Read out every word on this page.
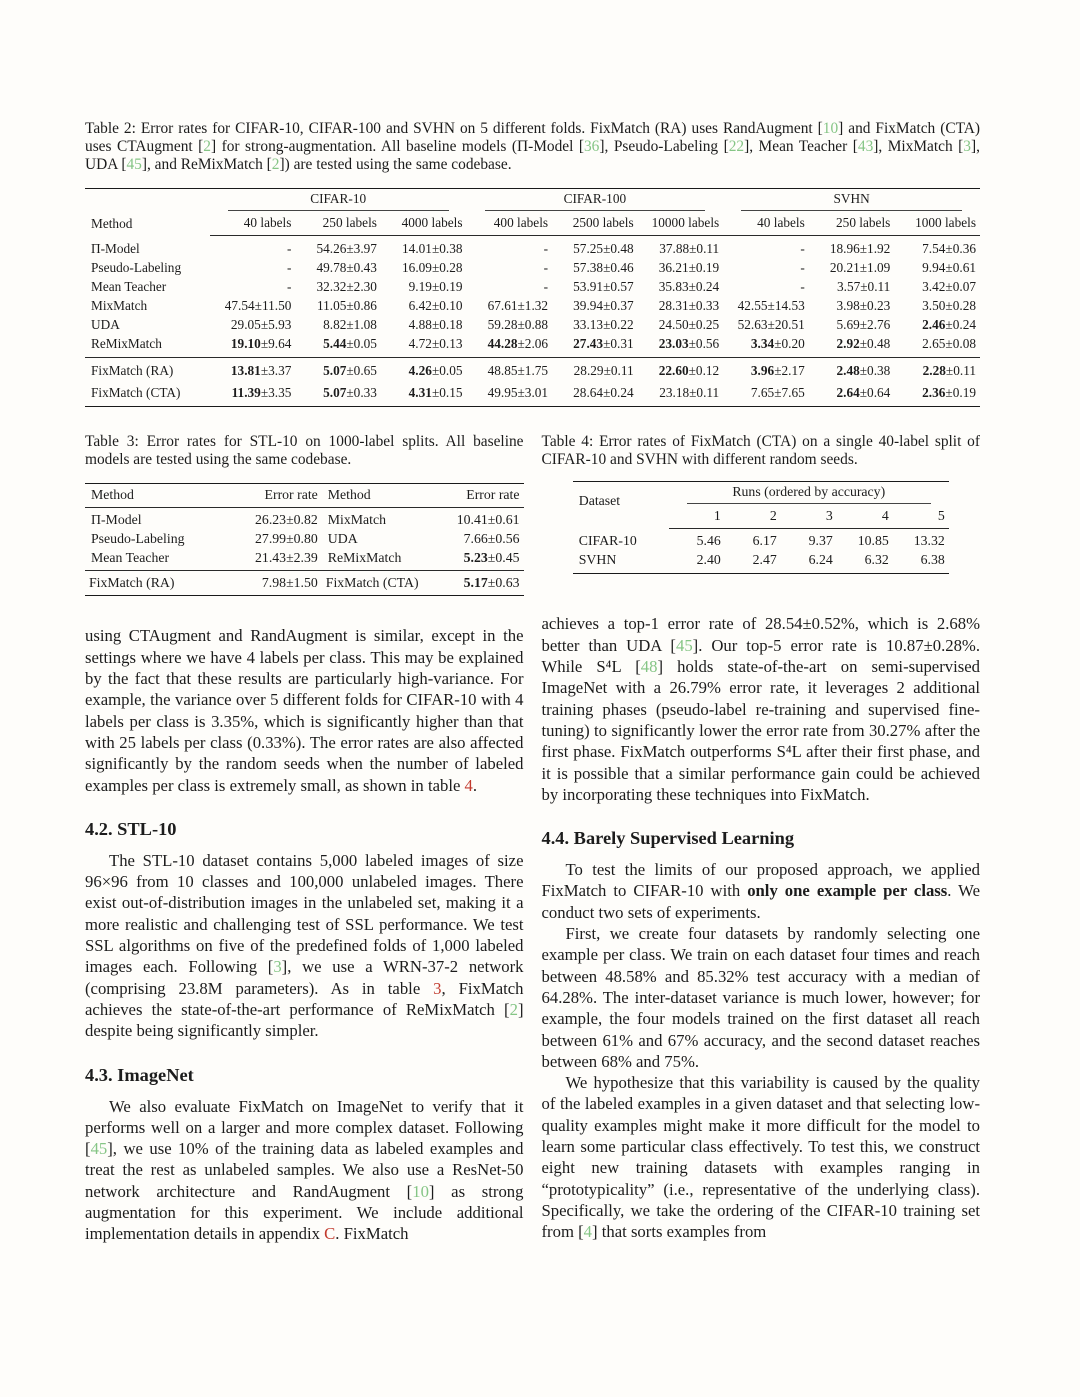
Table 2: Error rates for CIFAR-10, CIFAR-100 and SVHN on 5 different folds. FixMatch (RA) uses RandAugment [10] and FixMatch (CTA) uses CTAugment [2] for strong-augmentation. All baseline models (Π-Model [36], Pseudo-Labeling [22], Mean Teacher [43], MixMatch [3], UDA [45], and ReMixMatch [2]) are tested using the same codebase.
Method	CIFAR-10			CIFAR-100			SVHN		

	40 labels	250 labels	4000 labels	400 labels	2500 labels	10000 labels	40 labels	250 labels	1000 labels
Π-Model	-	54.26±3.97	14.01±0.38	-	57.25±0.48	37.88±0.11	-	18.96±1.92	7.54±0.36
Pseudo-Labeling	-	49.78±0.43	16.09±0.28	-	57.38±0.46	36.21±0.19	-	20.21±1.09	9.94±0.61
Mean Teacher	-	32.32±2.30	9.19±0.19	-	53.91±0.57	35.83±0.24	-	3.57±0.11	3.42±0.07
MixMatch	47.54±11.50	11.05±0.86	6.42±0.10	67.61±1.32	39.94±0.37	28.31±0.33	42.55±14.53	3.98±0.23	3.50±0.28
UDA	29.05±5.93	8.82±1.08	4.88±0.18	59.28±0.88	33.13±0.22	24.50±0.25	52.63±20.51	5.69±2.76	2.46±0.24
ReMixMatch	19.10±9.64	5.44±0.05	4.72±0.13	44.28±2.06	27.43±0.31	23.03±0.56	3.34±0.20	2.92±0.48	2.65±0.08
FixMatch (RA)	13.81±3.37	5.07±0.65	4.26±0.05	48.85±1.75	28.29±0.11	22.60±0.12	3.96±2.17	2.48±0.38	2.28±0.11
FixMatch (CTA)	11.39±3.35	5.07±0.33	4.31±0.15	49.95±3.01	28.64±0.24	23.18±0.11	7.65±7.65	2.64±0.64	2.36±0.19
Table 3: Error rates for STL-10 on 1000-label splits. All baseline models are tested using the same codebase.
Method	Error rate	Method	Error rate
Π-Model	26.23±0.82	MixMatch	10.41±0.61
Pseudo-Labeling	27.99±0.80	UDA	7.66±0.56
Mean Teacher	21.43±2.39	ReMixMatch	5.23±0.45
FixMatch (RA)	7.98±1.50	FixMatch (CTA)	5.17±0.63

using CTAugment and RandAugment is similar, except in the settings where we have 4 labels per class. This may be explained by the fact that these results are particularly high-variance. For example, the variance over 5 different folds for CIFAR-10 with 4 labels per class is 3.35%, which is significantly higher than that with 25 labels per class (0.33%). The error rates are also affected significantly by the random seeds when the number of labeled examples per class is extremely small, as shown in table 4.

4.2. STL-10

The STL-10 dataset contains 5,000 labeled images of size 96×96 from 10 classes and 100,000 unlabeled images. There exist out-of-distribution images in the unlabeled set, making it a more realistic and challenging test of SSL performance. We test SSL algorithms on five of the predefined folds of 1,000 labeled images each. Following [3], we use a WRN-37-2 network (comprising 23.8M parameters). As in table 3, FixMatch achieves the state-of-the-art performance of ReMixMatch [2] despite being significantly simpler.

4.3. ImageNet

We also evaluate FixMatch on ImageNet to verify that it performs well on a larger and more complex dataset. Following [45], we use 10% of the training data as labeled examples and treat the rest as unlabeled samples. We also use a ResNet-50 network architecture and RandAugment [10] as strong augmentation for this experiment. We include additional implementation details in appendix C. FixMatch

Table 4: Error rates of FixMatch (CTA) on a single 40-label split of CIFAR-10 and SVHN with different random seeds.
Dataset	Runs (ordered by accuracy)				

	1	2	3	4	5
CIFAR-10	5.46	6.17	9.37	10.85	13.32
SVHN	2.40	2.47	6.24	6.32	6.38

achieves a top-1 error rate of 28.54±0.52%, which is 2.68% better than UDA [45]. Our top-5 error rate is 10.87±0.28%. While S⁴L [48] holds state-of-the-art on semi-supervised ImageNet with a 26.79% error rate, it leverages 2 additional training phases (pseudo-label re-training and supervised fine-tuning) to significantly lower the error rate from 30.27% after the first phase. FixMatch outperforms S⁴L after their first phase, and it is possible that a similar performance gain could be achieved by incorporating these techniques into FixMatch.

4.4. Barely Supervised Learning

To test the limits of our proposed approach, we applied FixMatch to CIFAR-10 with only one example per class. We conduct two sets of experiments.

First, we create four datasets by randomly selecting one example per class. We train on each dataset four times and reach between 48.58% and 85.32% test accuracy with a median of 64.28%. The inter-dataset variance is much lower, however; for example, the four models trained on the first dataset all reach between 61% and 67% accuracy, and the second dataset reaches between 68% and 75%.

We hypothesize that this variability is caused by the quality of the labeled examples in a given dataset and that selecting low-quality examples might make it more difficult for the model to learn some particular class effectively. To test this, we construct eight new training datasets with examples ranging in “prototypicality” (i.e., representative of the underlying class). Specifically, we take the ordering of the CIFAR-10 training set from [4] that sorts examples from
